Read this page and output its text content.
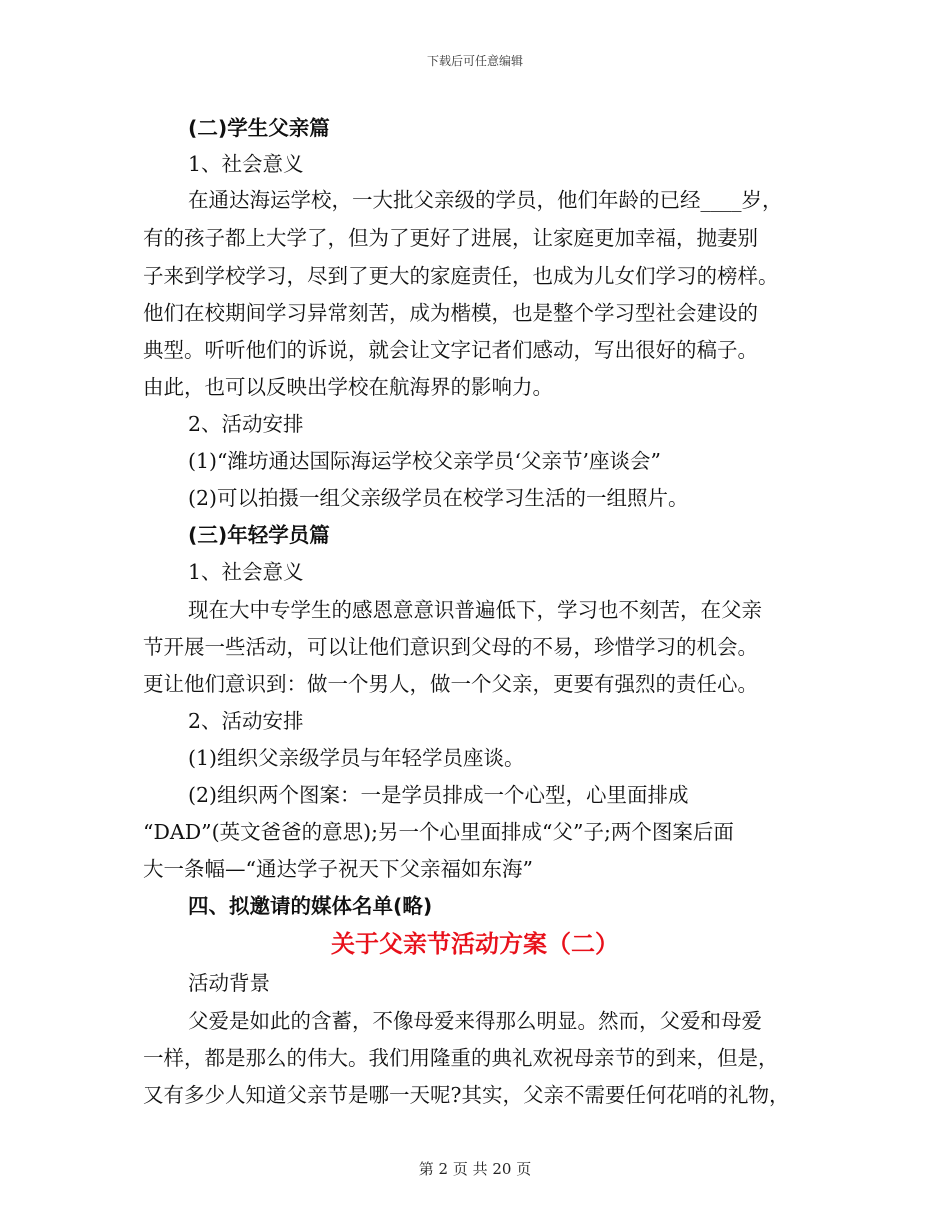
下载后可任意编辑
(二)学生父亲篇
1、社会意义
在通达海运学校，一大批父亲级的学员，他们年龄的已经____岁，
有的孩子都上大学了，但为了更好了进展，让家庭更加幸福，抛妻别
子来到学校学习，尽到了更大的家庭责任，也成为儿女们学习的榜样。
他们在校期间学习异常刻苦，成为楷模，也是整个学习型社会建设的
典型。听听他们的诉说，就会让文字记者们感动，写出很好的稿子。
由此，也可以反映出学校在航海界的影响力。
2、活动安排
(1)“潍坊通达国际海运学校父亲学员‘父亲节’座谈会”
(2)可以拍摄一组父亲级学员在校学习生活的一组照片。
(三)年轻学员篇
1、社会意义
现在大中专学生的感恩意意识普遍低下，学习也不刻苦，在父亲
节开展一些活动，可以让他们意识到父母的不易，珍惜学习的机会。
更让他们意识到：做一个男人，做一个父亲，更要有强烈的责任心。
2、活动安排
(1)组织父亲级学员与年轻学员座谈。
(2)组织两个图案：一是学员排成一个心型，心里面排成
“DAD”(英文爸爸的意思);另一个心里面排成“父”子;两个图案后面
大一条幅—“通达学子祝天下父亲福如东海”
四、拟邀请的媒体名单(略)
关于父亲节活动方案（二）
活动背景
父爱是如此的含蓄，不像母爱来得那么明显。然而，父爱和母爱
一样，都是那么的伟大。我们用隆重的典礼欢祝母亲节的到来，但是，
又有多少人知道父亲节是哪一天呢?其实，父亲不需要任何花哨的礼物，
第 2 页 共 20 页
